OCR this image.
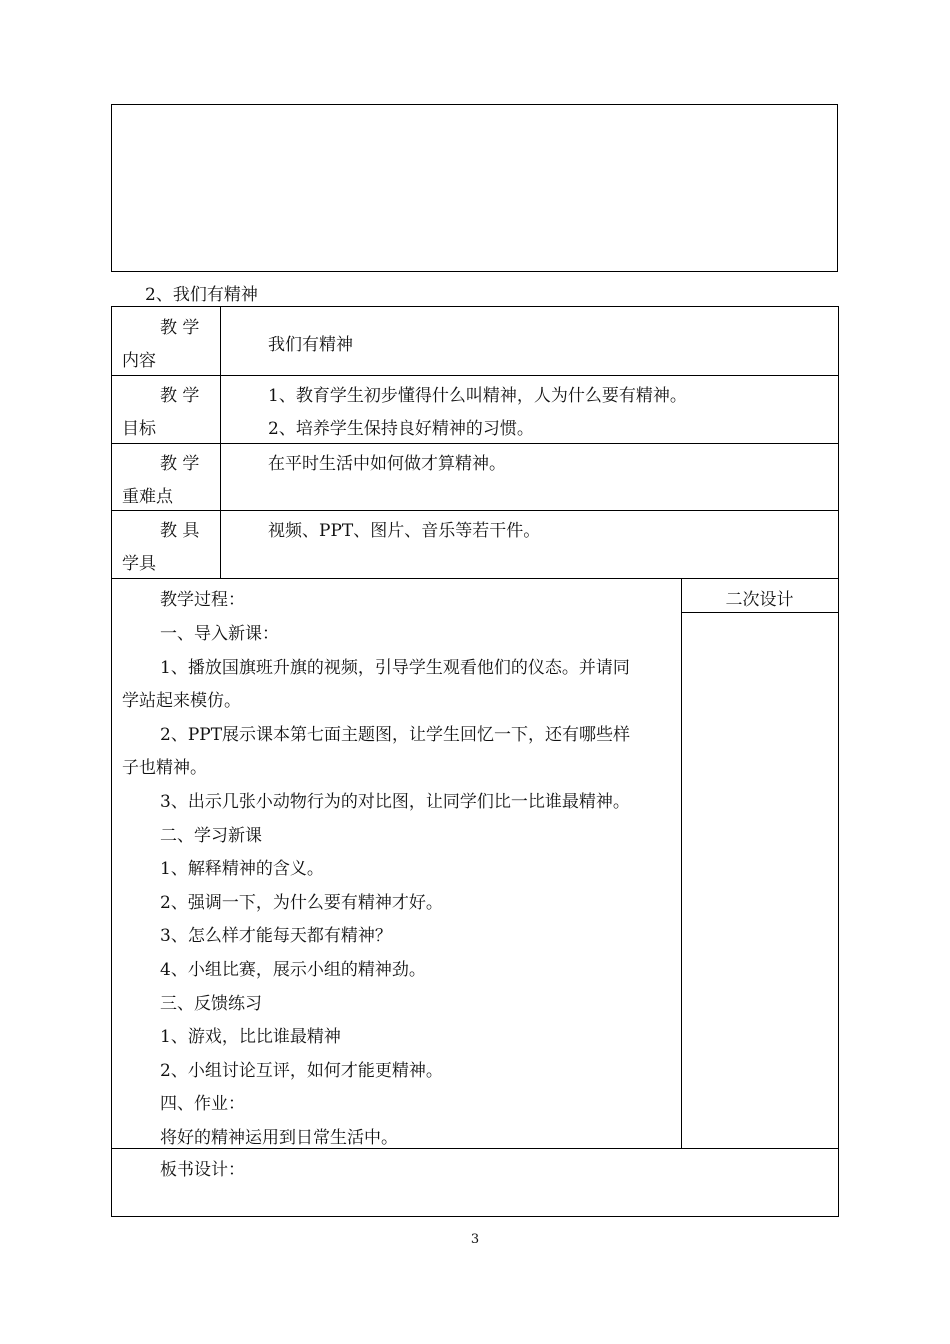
2、我们有精神
教 学
内容
我们有精神
教 学
目标
1、教育学生初步懂得什么叫精神，人为什么要有精神。
2、培养学生保持良好精神的习惯。
教 学
重难点
在平时生活中如何做才算精神。
教 具
学具
视频、PPT、图片、音乐等若干件。
教学过程：	二次设计
一、导入新课：
1、播放国旗班升旗的视频，引导学生观看他们的仪态。并请同
学站起来模仿。
2、PPT展示课本第七面主题图，让学生回忆一下，还有哪些样
子也精神。
3、出示几张小动物行为的对比图，让同学们比一比谁最精神。
二、学习新课
1、解释精神的含义。
2、强调一下，为什么要有精神才好。
3、怎么样才能每天都有精神？
4、小组比赛，展示小组的精神劲。
三、反馈练习
1、游戏，比比谁最精神
2、小组讨论互评，如何才能更精神。
四、作业：
将好的精神运用到日常生活中。
板书设计：
3
